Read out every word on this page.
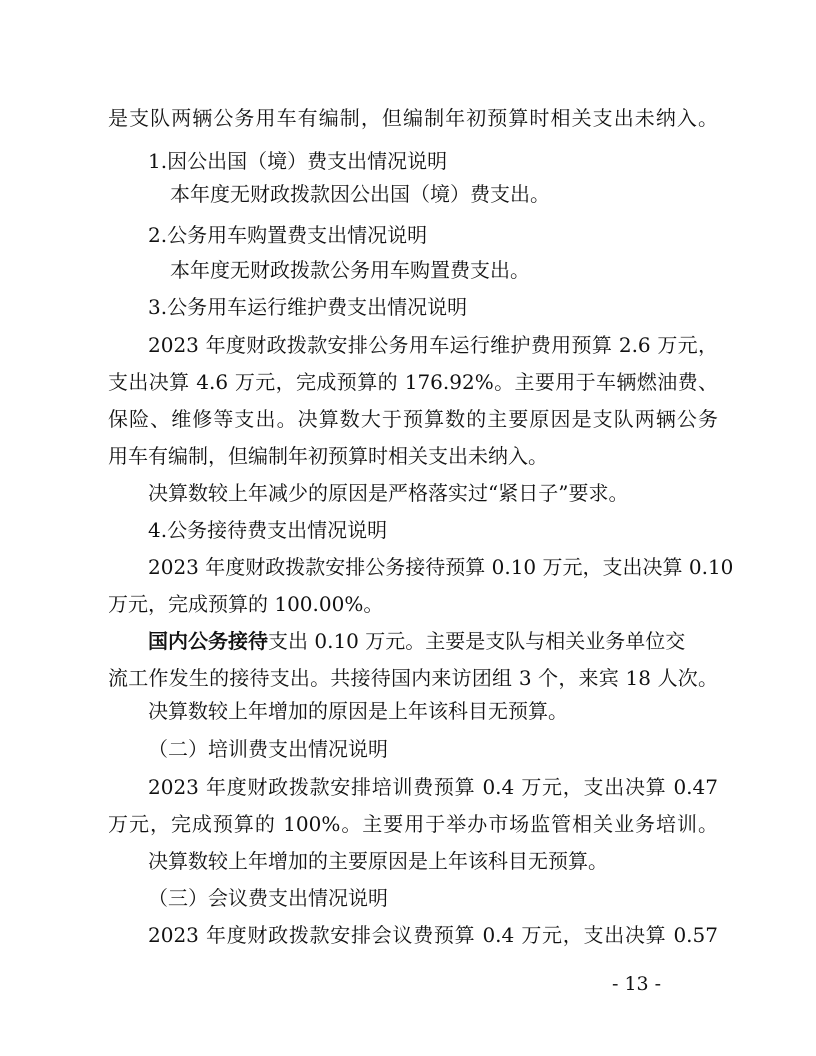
是支队两辆公务用车有编制，但编制年初预算时相关支出未纳入。
1.因公出国（境）费支出情况说明
本年度无财政拨款因公出国（境）费支出。
2.公务用车购置费支出情况说明
本年度无财政拨款公务用车购置费支出。
3.公务用车运行维护费支出情况说明
2023 年度财政拨款安排公务用车运行维护费用预算 2.6 万元，
支出决算 4.6 万元，完成预算的 176.92%。主要用于车辆燃油费、
保险、维修等支出。决算数大于预算数的主要原因是支队两辆公务
用车有编制，但编制年初预算时相关支出未纳入。
决算数较上年减少的原因是严格落实过“紧日子”要求。
4.公务接待费支出情况说明
2023 年度财政拨款安排公务接待预算 0.10 万元，支出决算 0.10
万元，完成预算的 100.00%。
国内公务接待支出 0.10 万元。主要是支队与相关业务单位交
流工作发生的接待支出。共接待国内来访团组 3 个，来宾 18 人次。
决算数较上年增加的原因是上年该科目无预算。
（二）培训费支出情况说明
2023 年度财政拨款安排培训费预算 0.4 万元，支出决算 0.47
万元，完成预算的 100%。主要用于举办市场监管相关业务培训。
决算数较上年增加的主要原因是上年该科目无预算。
（三）会议费支出情况说明
2023 年度财政拨款安排会议费预算 0.4 万元，支出决算 0.57
- 13 -
